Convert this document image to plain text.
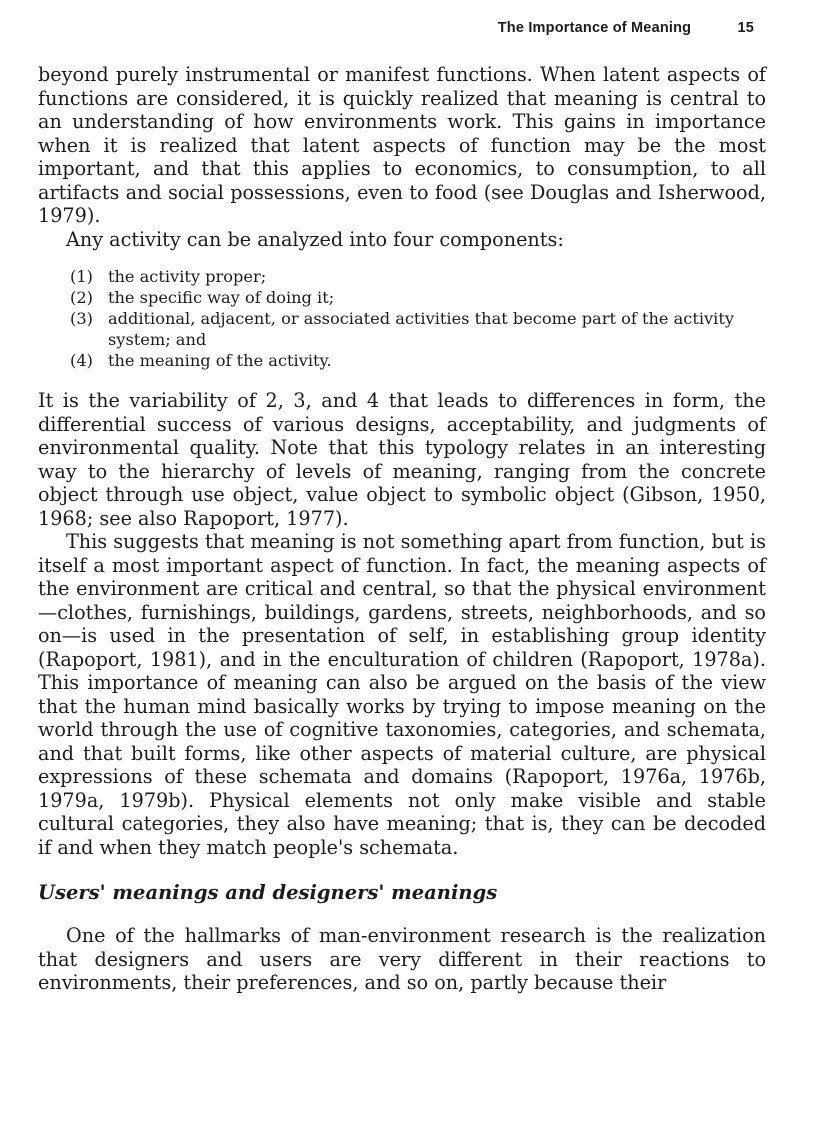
The Importance of Meaning	15

beyond purely instrumental or manifest functions. When latent aspects of functions are considered, it is quickly realized that meaning is central to an understanding of how environments work. This gains in importance when it is realized that latent aspects of function may be the most important, and that this applies to economics, to consumption, to all artifacts and social possessions, even to food (see Douglas and Isherwood, 1979).

Any activity can be analyzed into four components:

(1) the activity proper;
(2) the specific way of doing it;
(3) additional, adjacent, or associated activities that become part of the activity system; and
(4) the meaning of the activity.

It is the variability of 2, 3, and 4 that leads to differences in form, the differential success of various designs, acceptability, and judgments of environmental quality. Note that this typology relates in an interesting way to the hierarchy of levels of meaning, ranging from the concrete object through use object, value object to symbolic object (Gibson, 1950, 1968; see also Rapoport, 1977).

This suggests that meaning is not something apart from function, but is itself a most important aspect of function. In fact, the meaning aspects of the environment are critical and central, so that the physical environment—clothes, furnishings, buildings, gardens, streets, neighborhoods, and so on—is used in the presentation of self, in establishing group identity (Rapoport, 1981), and in the enculturation of children (Rapoport, 1978a). This importance of meaning can also be argued on the basis of the view that the human mind basically works by trying to impose meaning on the world through the use of cognitive taxonomies, categories, and schemata, and that built forms, like other aspects of material culture, are physical expressions of these schemata and domains (Rapoport, 1976a, 1976b, 1979a, 1979b). Physical elements not only make visible and stable cultural categories, they also have meaning; that is, they can be decoded if and when they match people's schemata.

Users' meanings and designers' meanings

One of the hallmarks of man-environment research is the realization that designers and users are very different in their reactions to environments, their preferences, and so on, partly because their
